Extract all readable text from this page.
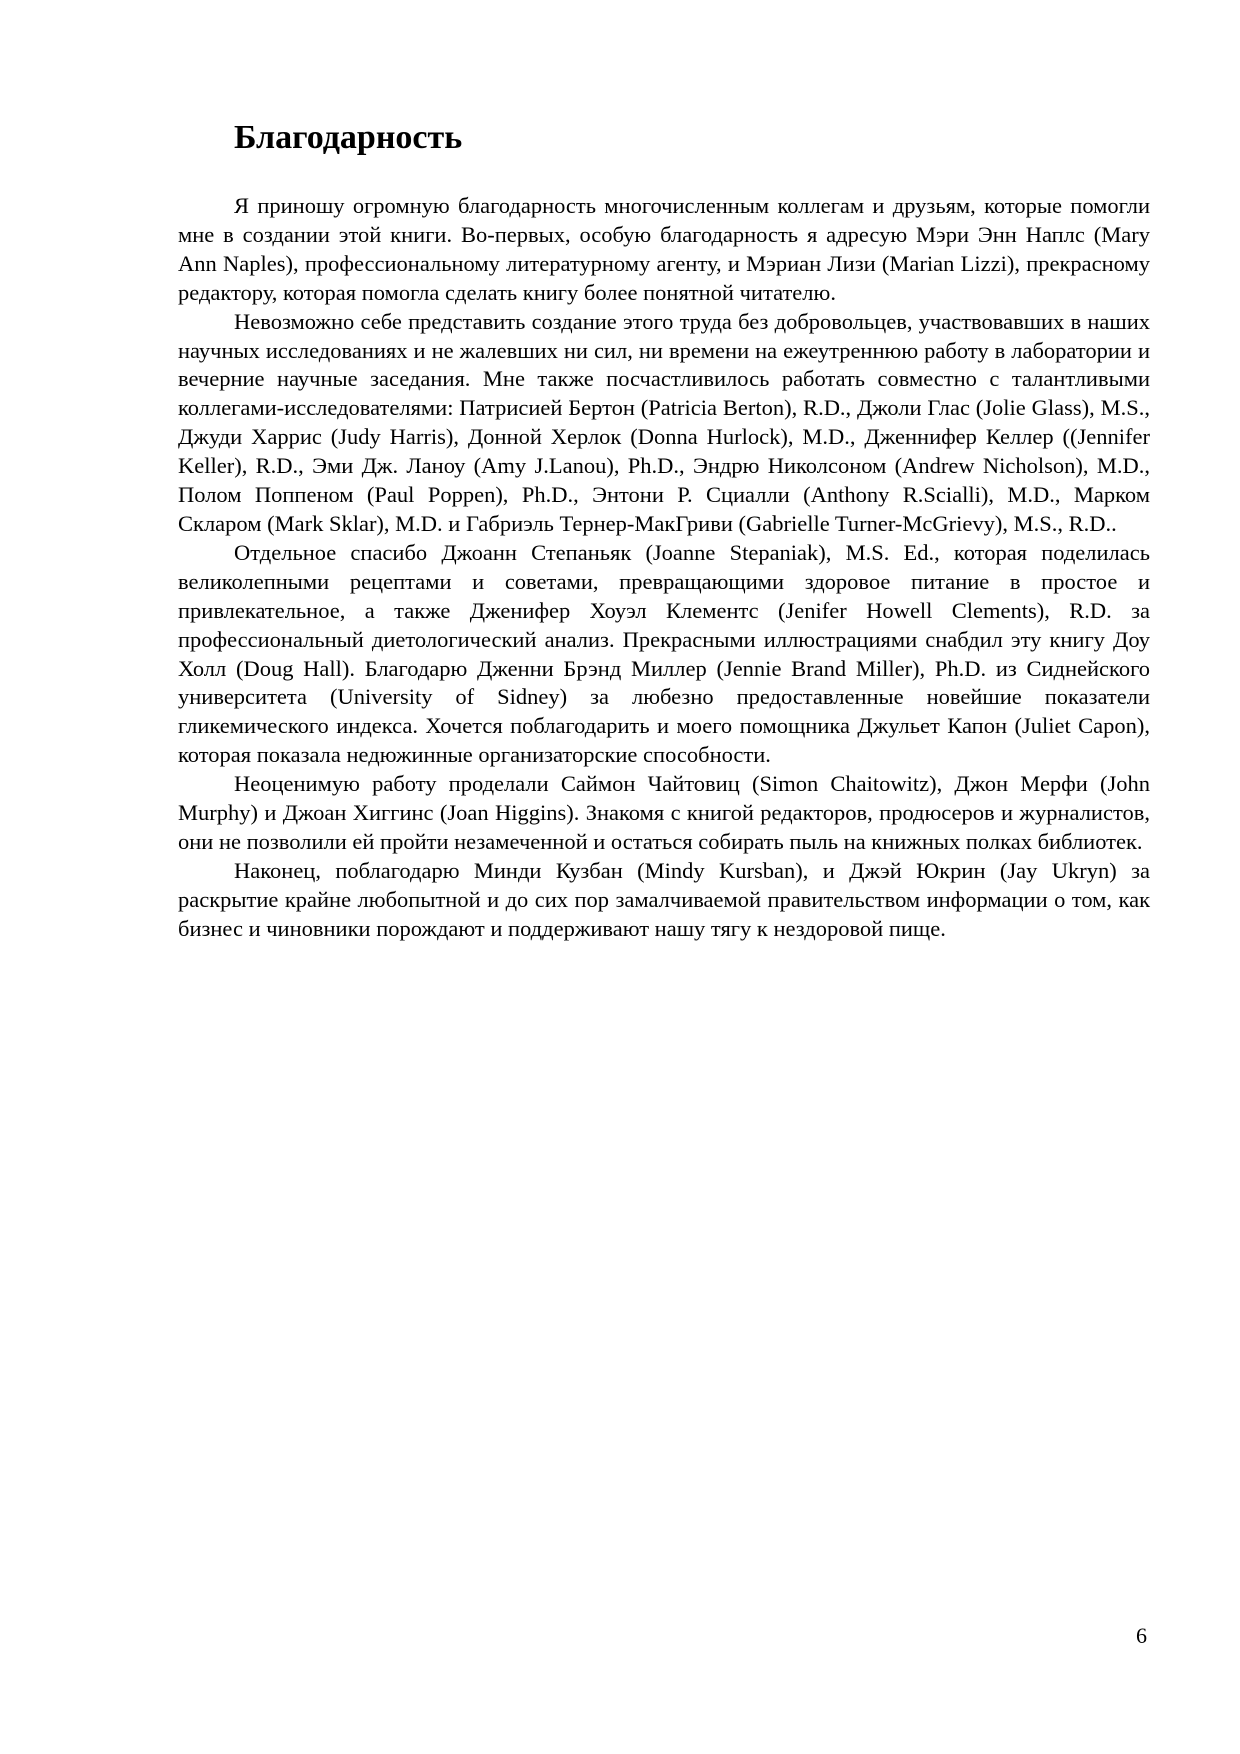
Благодарность

Я приношу огромную благодарность многочисленным коллегам и друзьям, которые помогли мне в создании этой книги. Во-первых, особую благодарность я адресую Мэри Энн Наплс (Mary Ann Naples), профессиональному литературному агенту, и Мэриан Лизи (Marian Lizzi), прекрасному редактору, которая помогла сделать книгу более понятной читателю.

Невозможно себе представить создание этого труда без добровольцев, участвовавших в наших научных исследованиях и не жалевших ни сил, ни времени на ежеутреннюю работу в лаборатории и вечерние научные заседания. Мне также посчастливилось работать совместно с талантливыми коллегами-исследователями: Патрисией Бертон (Patricia Berton), R.D., Джоли Глас (Jolie Glass), M.S., Джуди Харрис (Judy Harris), Донной Херлок (Donna Hurlock), M.D., Дженнифер Келлер ((Jennifer Keller), R.D., Эми Дж. Ланоу (Amy J.Lanou), Ph.D., Эндрю Николсоном (Andrew Nicholson), M.D., Полом Поппеном (Paul Poppen), Ph.D., Энтони Р. Сциалли (Anthony R.Scialli), M.D., Марком Скларом (Mark Sklar), M.D. и Габриэль Тернер-МакГриви (Gabrielle Turner-McGrievy), M.S., R.D..

Отдельное спасибо Джоанн Степаньяк (Joanne Stepaniak), M.S. Ed., которая поделилась великолепными рецептами и советами, превращающими здоровое питание в простое и привлекательное, а также Дженифер Хоуэл Клементс (Jenifer Howell Clements), R.D. за профессиональный диетологический анализ. Прекрасными иллюстрациями снабдил эту книгу Доу Холл (Doug Hall). Благодарю Дженни Брэнд Миллер (Jennie Brand Miller), Ph.D. из Сиднейского университета (University of Sidney) за любезно предоставленные новейшие показатели гликемического индекса. Хочется поблагодарить и моего помощника Джульет Капон (Juliet Capon), которая показала недюжинные организаторские способности.

Неоценимую работу проделали Саймон Чайтовиц (Simon Chaitowitz), Джон Мерфи (John Murphy) и Джоан Хиггинс (Joan Higgins). Знакомя с книгой редакторов, продюсеров и журналистов, они не позволили ей пройти незамеченной и остаться собирать пыль на книжных полках библиотек.

Наконец, поблагодарю Минди Кузбан (Mindy Kursban), и Джэй Юкрин (Jay Ukryn) за раскрытие крайне любопытной и до сих пор замалчиваемой правительством информации о том, как бизнес и чиновники порождают и поддерживают нашу тягу к нездоровой пище.

6
